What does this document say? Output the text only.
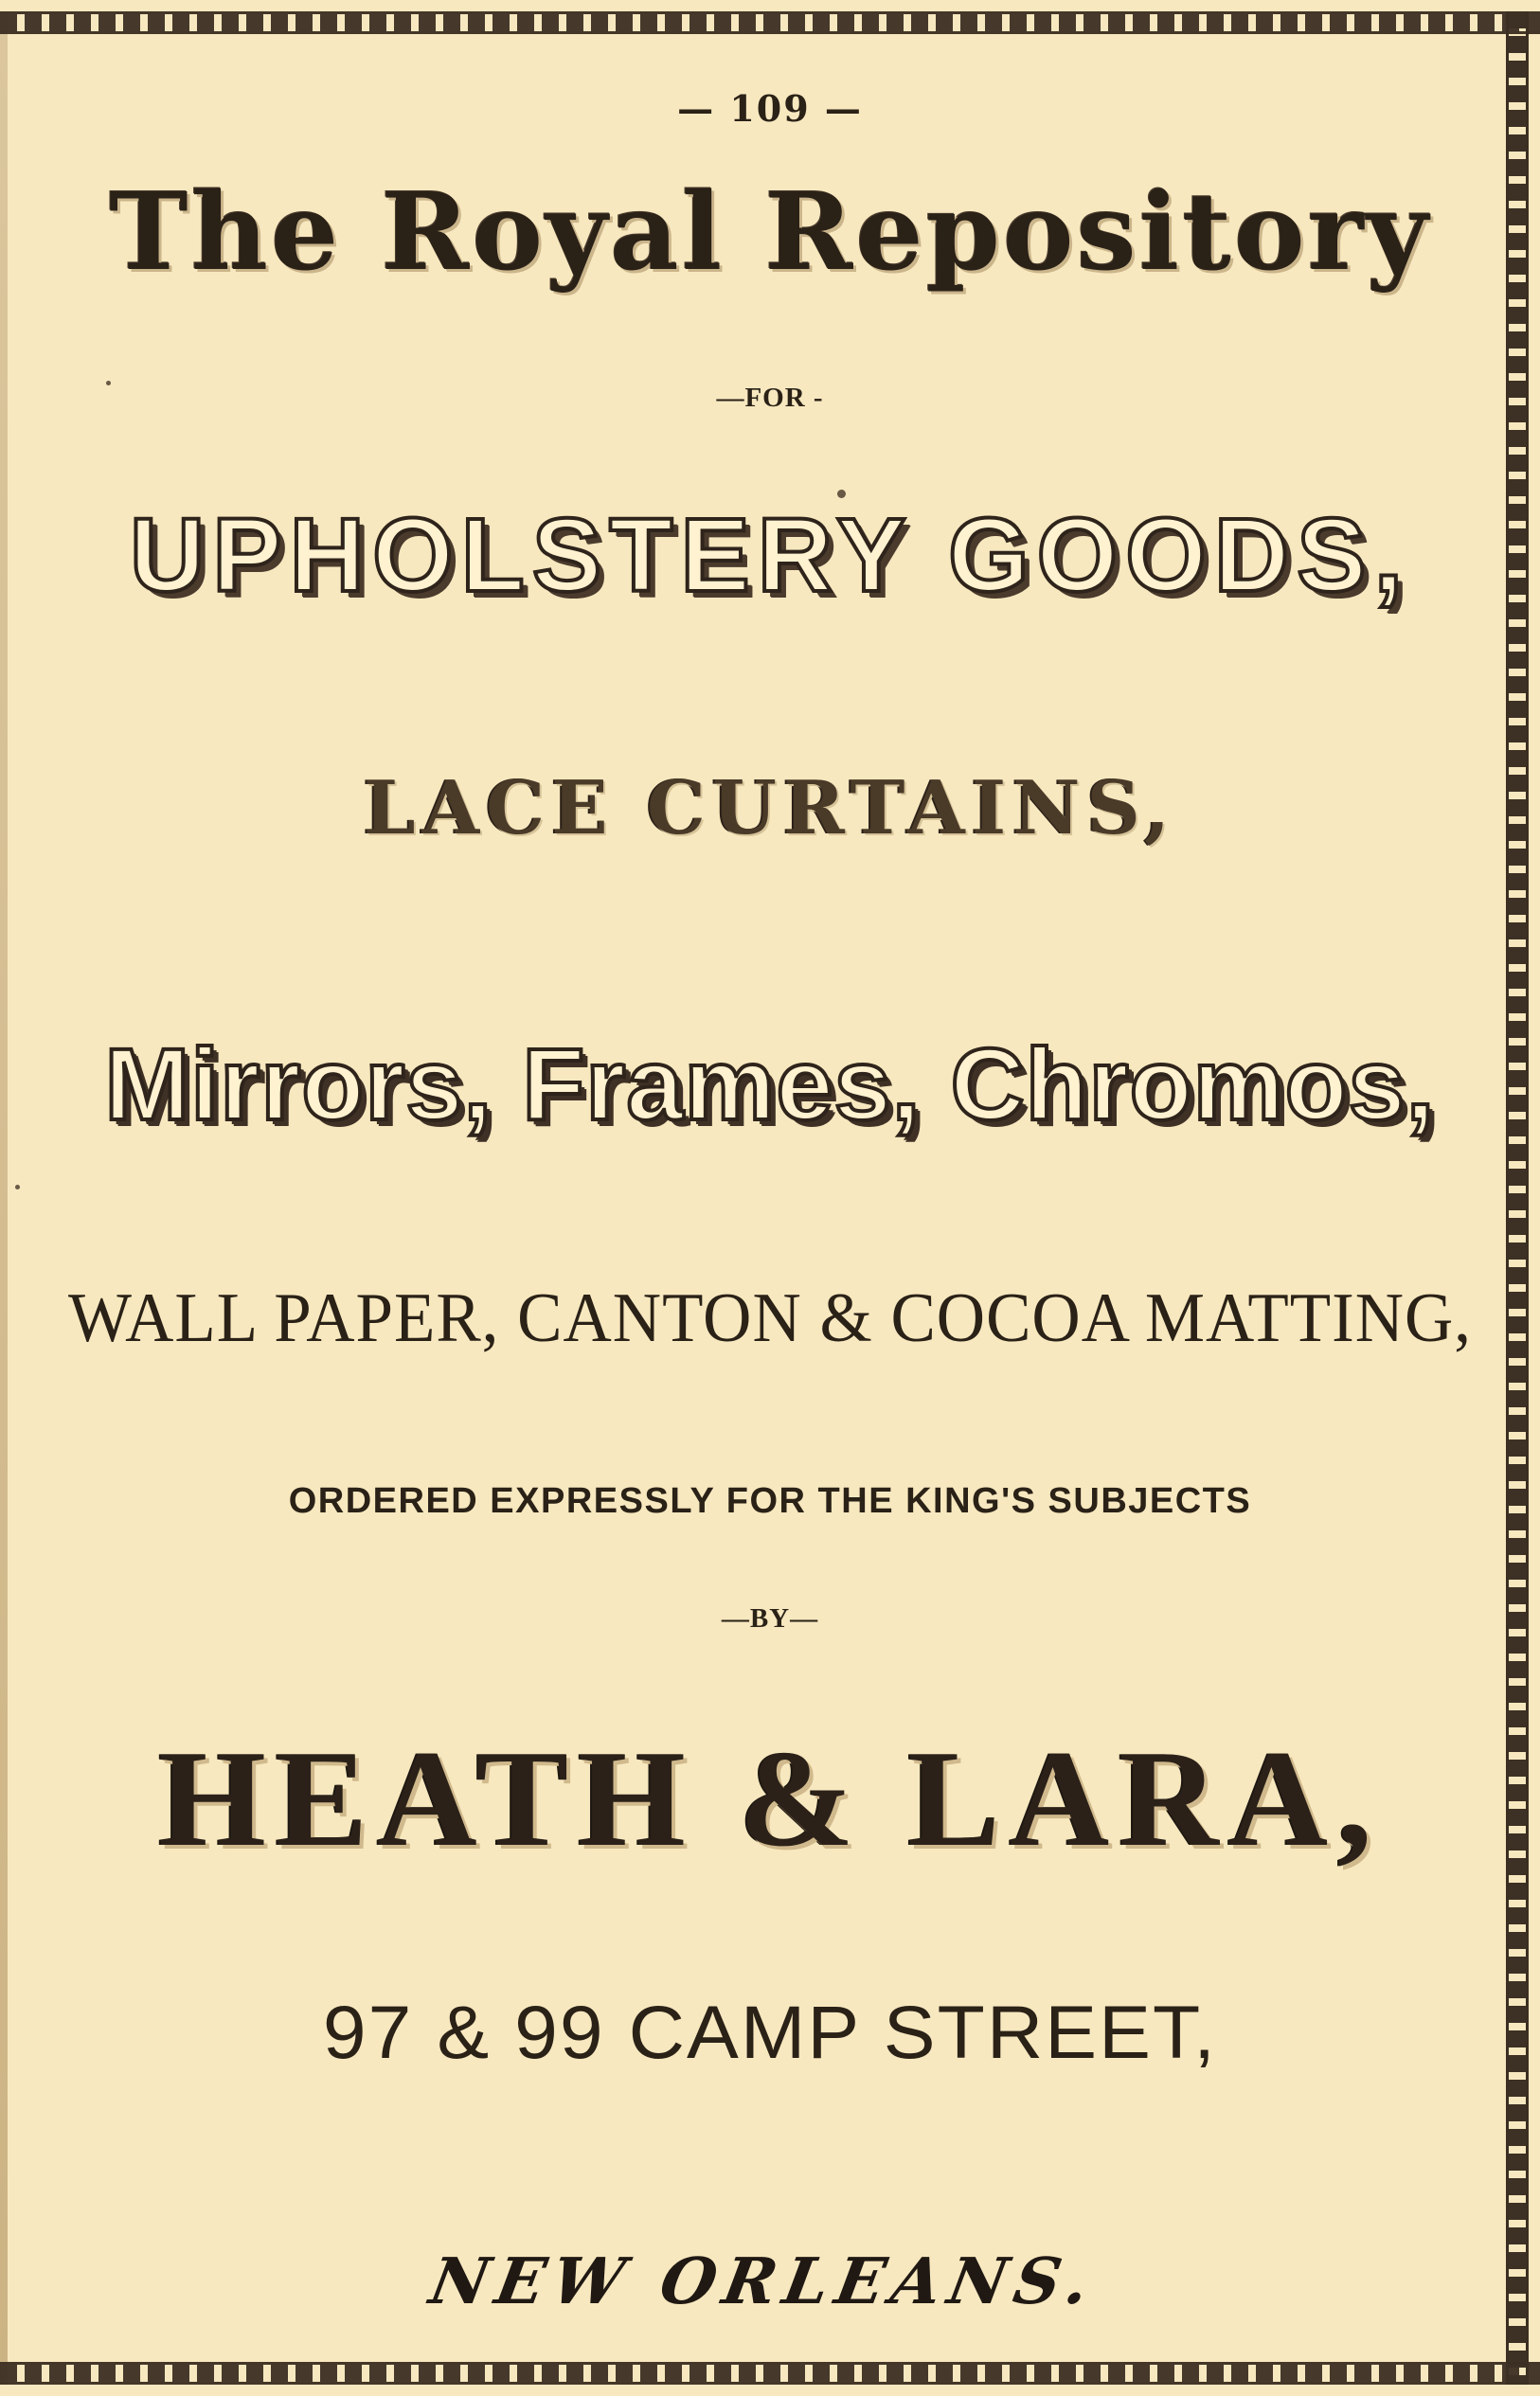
— 109 —
The Royal Repository
—FOR -
UPHOLSTERY GOODS,
LACE CURTAINS,
Mirrors, Frames, Chromos,
WALL PAPER, CANTON & COCOA MATTING,
ORDERED EXPRESSLY FOR THE KING'S SUBJECTS
—BY—
HEATH & LARA,
97 & 99 CAMP STREET,
NEW ORLEANS.
